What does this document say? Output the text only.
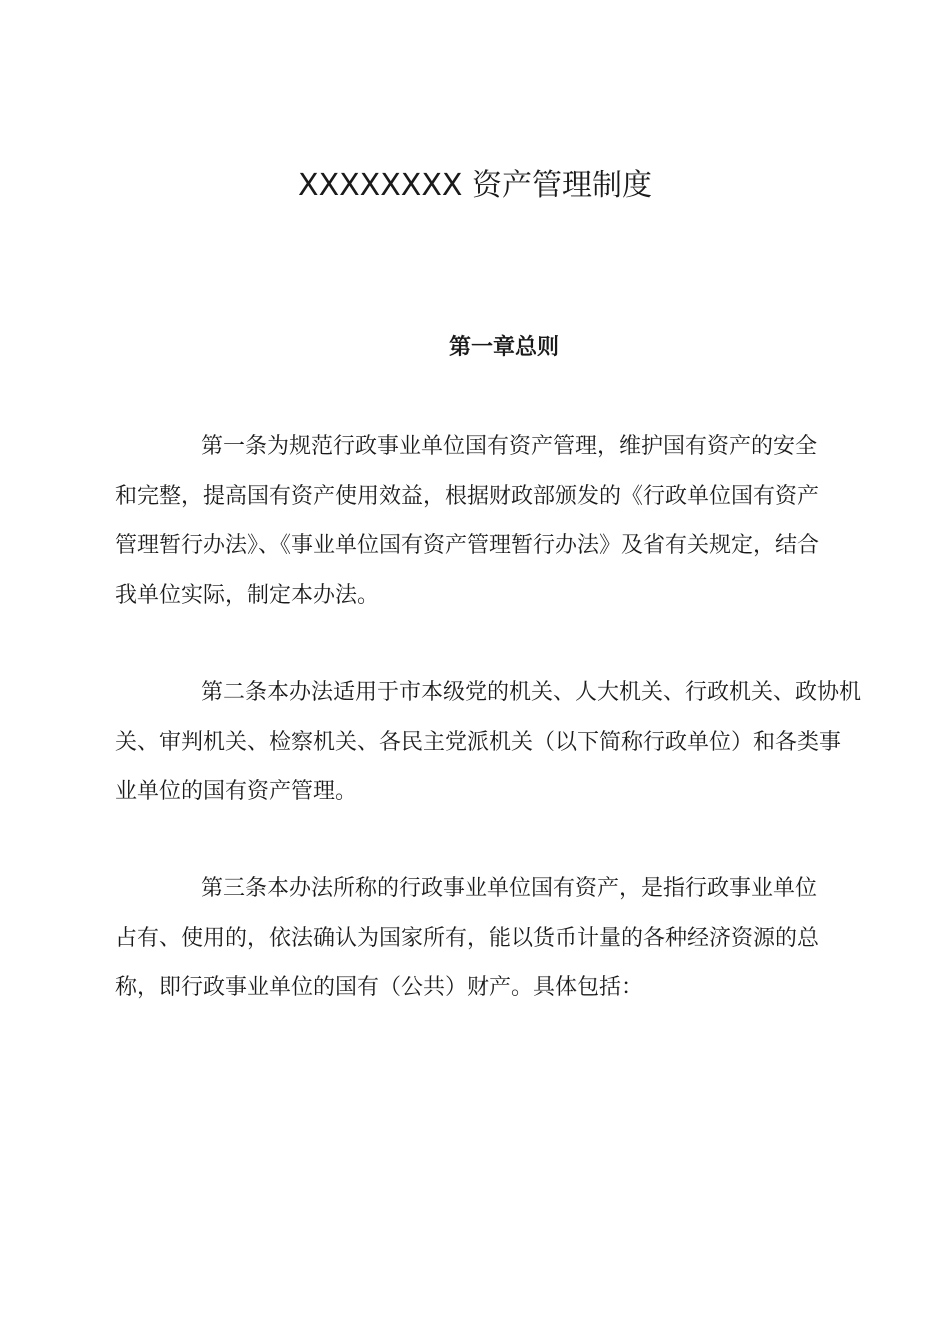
XXXXXXXX 资产管理制度
第一章总则

第一条为规范行政事业单位国有资产管理，维护国有资产的安全和完整，提高国有资产使用效益，根据财政部颁发的《行政单位国有资产管理暂行办法》、《事业单位国有资产管理暂行办法》及省有关规定，结合我单位实际，制定本办法。

第二条本办法适用于市本级党的机关、人大机关、行政机关、政协机关、审判机关、检察机关、各民主党派机关（以下简称行政单位）和各类事业单位的国有资产管理。

第三条本办法所称的行政事业单位国有资产，是指行政事业单位占有、使用的，依法确认为国家所有，能以货币计量的各种经济资源的总称，即行政事业单位的国有（公共）财产。具体包括：
